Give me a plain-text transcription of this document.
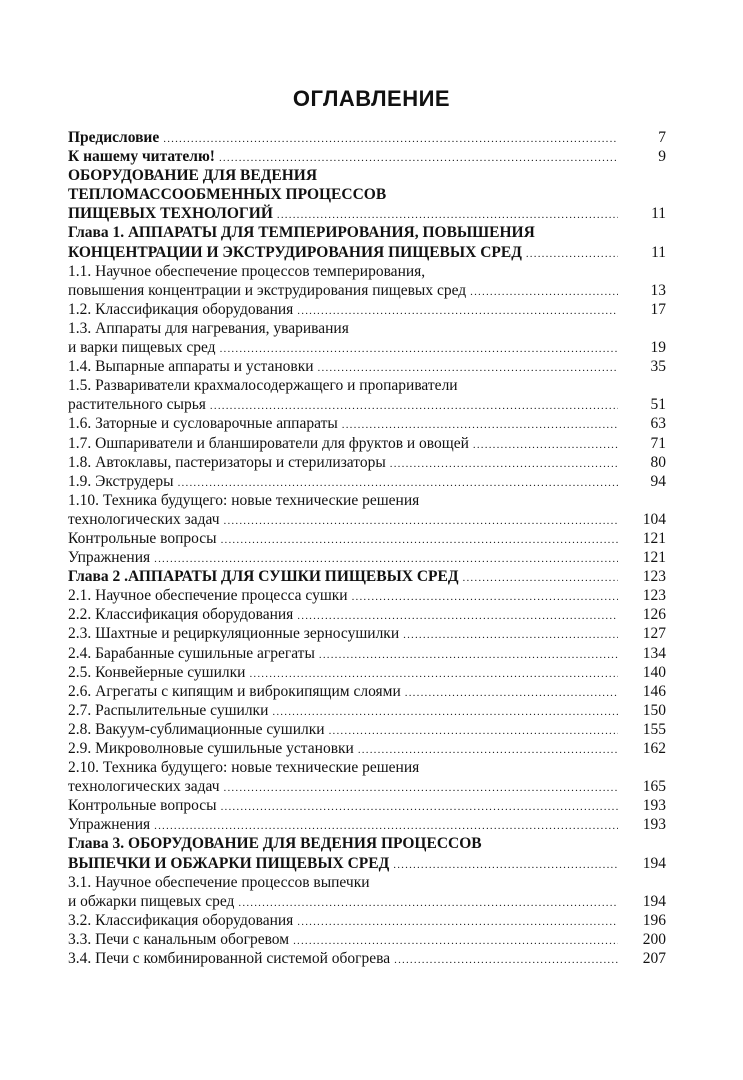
ОГЛАВЛЕНИЕ
Предисловие .....	7
К нашему читателю! .....	9
ОБОРУДОВАНИЕ ДЛЯ ВЕДЕНИЯ
ТЕПЛОМАССООБМЕННЫХ ПРОЦЕССОВ
ПИЩЕВЫХ ТЕХНОЛОГИЙ .....	11
Глава 1. АППАРАТЫ ДЛЯ ТЕМПЕРИРОВАНИЯ, ПОВЫШЕНИЯ
КОНЦЕНТРАЦИИ И ЭКСТРУДИРОВАНИЯ ПИЩЕВЫХ СРЕД .....	11
1.1. Научное обеспечение процессов темперирования,
повышения концентрации и экструдирования пищевых сред .....	13
1.2. Классификация оборудования .....	17
1.3. Аппараты для нагревания, уваривания
и варки пищевых сред .....	19
1.4. Выпарные аппараты и установки .....	35
1.5. Развариватели крахмалосодержащего и пропариватели
растительного сырья .....	51
1.6. Заторные и сусловарочные аппараты .....	63
1.7. Ошпариватели и бланширователи для фруктов и овощей .....	71
1.8. Автоклавы, пастеризаторы и стерилизаторы .....	80
1.9. Экструдеры .....	94
1.10. Техника будущего: новые технические решения
технологических задач .....	104
Контрольные вопросы .....	121
Упражнения .....	121
Глава 2 .АППАРАТЫ ДЛЯ СУШКИ ПИЩЕВЫХ СРЕД .....	123
2.1. Научное обеспечение процесса сушки .....	123
2.2. Классификация оборудования .....	126
2.3. Шахтные и рециркуляционные зерносушилки .....	127
2.4. Барабанные сушильные агрегаты .....	134
2.5. Конвейерные сушилки .....	140
2.6. Агрегаты с кипящим и виброкипящим слоями .....	146
2.7. Распылительные сушилки .....	150
2.8. Вакуум-сублимационные сушилки .....	155
2.9. Микроволновые сушильные установки .....	162
2.10. Техника будущего: новые технические решения
технологических задач .....	165
Контрольные вопросы .....	193
Упражнения .....	193
Глава 3. ОБОРУДОВАНИЕ ДЛЯ ВЕДЕНИЯ ПРОЦЕССОВ
ВЫПЕЧКИ И ОБЖАРКИ ПИЩЕВЫХ СРЕД .....	194
3.1. Научное обеспечение процессов выпечки
и обжарки пищевых сред .....	194
3.2. Классификация оборудования .....	196
3.3. Печи с канальным обогревом .....	200
3.4. Печи с комбинированной системой обогрева .....	207
